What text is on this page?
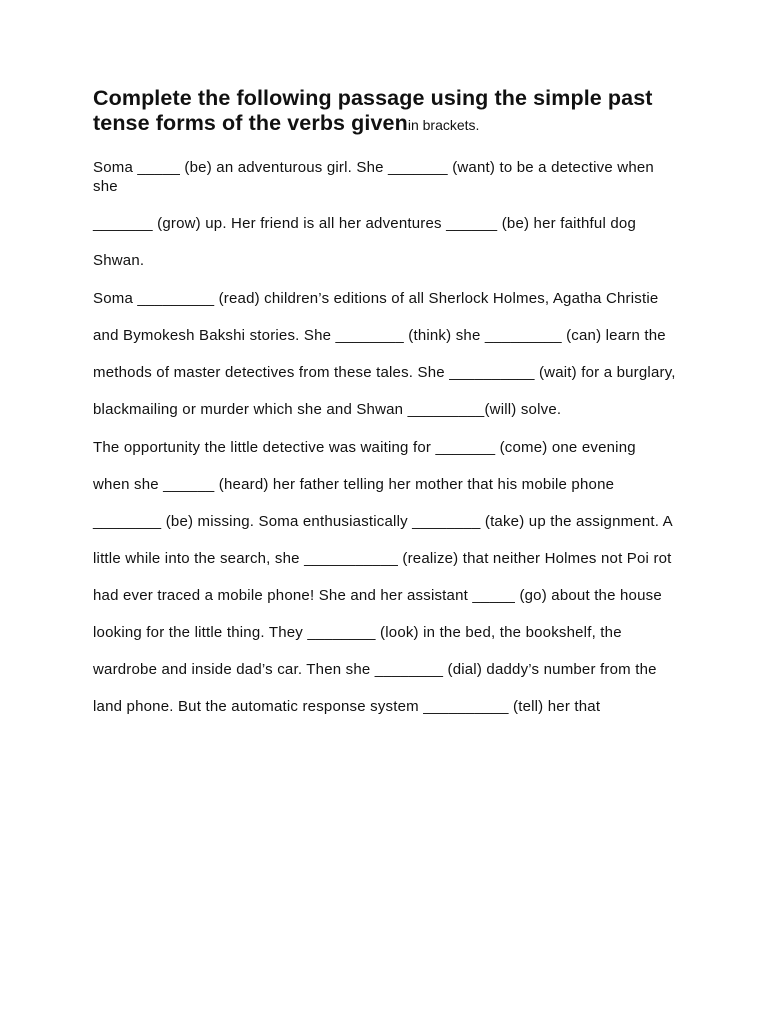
Complete the following passage using the simple past tense forms of the verbs givenin brackets.

Soma _____ (be) an adventurous girl. She _______ (want) to be a detective when she

_______ (grow) up. Her friend is all her adventures ______ (be) her faithful dog

Shwan.

Soma _________ (read) children’s editions of all Sherlock Holmes, Agatha Christie

and Bymokesh Bakshi stories. She ________ (think) she _________ (can) learn the

methods of master detectives from these tales. She __________ (wait) for a burglary,

blackmailing or murder which she and Shwan _________(will) solve.

The opportunity the little detective was waiting for _______ (come) one evening

when she ______ (heard) her father telling her mother that his mobile phone

________ (be) missing. Soma enthusiastically ________ (take) up the assignment. A

little while into the search, she ___________ (realize) that neither Holmes not Poi rot

had ever traced a mobile phone! She and her assistant _____ (go) about the house

looking for the little thing. They ________ (look) in the bed, the bookshelf, the

wardrobe and inside dad’s car. Then she ________ (dial) daddy’s number from the

land phone. But the automatic response system __________ (tell) her that
